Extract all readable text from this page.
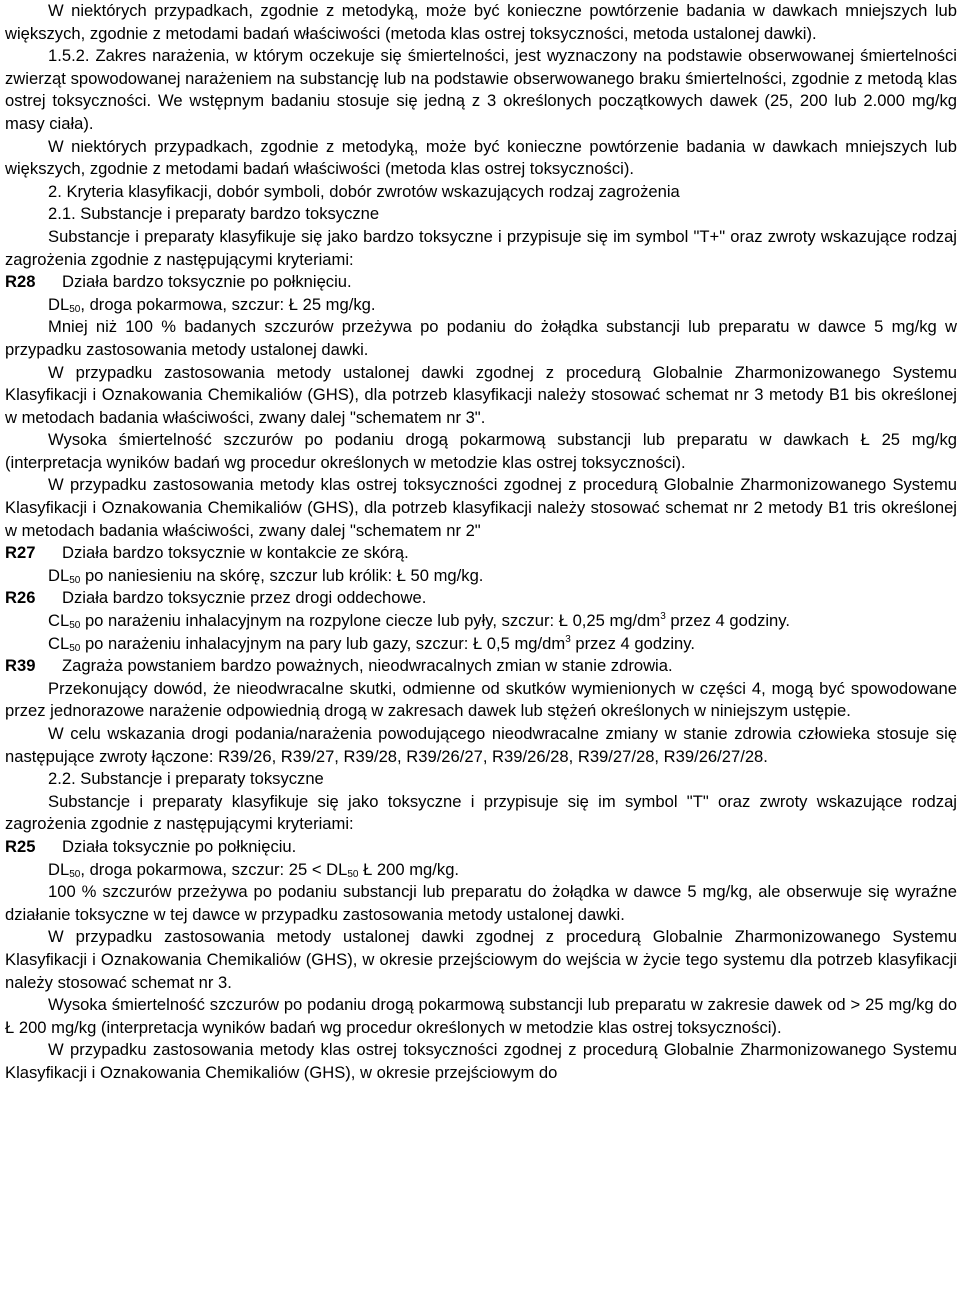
W niektórych przypadkach, zgodnie z metodyką, może być konieczne powtórzenie badania w dawkach mniejszych lub większych, zgodnie z metodami badań właściwości (metoda klas ostrej toksyczności, metoda ustalonej dawki).

1.5.2. Zakres narażenia, w którym oczekuje się śmiertelności, jest wyznaczony na podstawie obserwowanej śmiertelności zwierząt spowodowanej narażeniem na substancję lub na podstawie obserwowanego braku śmiertelności, zgodnie z metodą klas ostrej toksyczności. We wstępnym badaniu stosuje się jedną z 3 określonych początkowych dawek (25, 200 lub 2.000 mg/kg masy ciała).

W niektórych przypadkach, zgodnie z metodyką, może być konieczne powtórzenie badania w dawkach mniejszych lub większych, zgodnie z metodami badań właściwości (metoda klas ostrej toksyczności).

2. Kryteria klasyfikacji, dobór symboli, dobór zwrotów wskazujących rodzaj zagrożenia

2.1. Substancje i preparaty bardzo toksyczne

Substancje i preparaty klasyfikuje się jako bardzo toksyczne i przypisuje się im symbol "T+" oraz zwroty wskazujące rodzaj zagrożenia zgodnie z następującymi kryteriami:

R28 Działa bardzo toksycznie po połknięciu.

$DL_{50}$, droga pokarmowa, szczur: Ł 25 mg/kg.

Mniej niż 100 % badanych szczurów przeżywa po podaniu do żołądka substancji lub preparatu w dawce 5 mg/kg w przypadku zastosowania metody ustalonej dawki.

W przypadku zastosowania metody ustalonej dawki zgodnej z procedurą Globalnie Zharmonizowanego Systemu Klasyfikacji i Oznakowania Chemikaliów (GHS), dla potrzeb klasyfikacji należy stosować schemat nr 3 metody B1 bis określonej w metodach badania właściwości, zwany dalej "schematem nr 3".

Wysoka śmiertelność szczurów po podaniu drogą pokarmową substancji lub preparatu w dawkach Ł 25 mg/kg (interpretacja wyników badań wg procedur określonych w metodzie klas ostrej toksyczności).

W przypadku zastosowania metody klas ostrej toksyczności zgodnej z procedurą Globalnie Zharmonizowanego Systemu Klasyfikacji i Oznakowania Chemikaliów (GHS), dla potrzeb klasyfikacji należy stosować schemat nr 2 metody B1 tris określonej w metodach badania właściwości, zwany dalej "schematem nr 2"

R27 Działa bardzo toksycznie w kontakcie ze skórą.

$DL_{50}$ po naniesieniu na skórę, szczur lub królik: Ł 50 mg/kg.

R26 Działa bardzo toksycznie przez drogi oddechowe.

$CL_{50}$ po narażeniu inhalacyjnym na rozpylone ciecze lub pyły, szczur: Ł 0,25 $mg/dm^3$ przez 4 godziny.

$CL_{50}$ po narażeniu inhalacyjnym na pary lub gazy, szczur: Ł 0,5 $mg/dm^3$ przez 4 godziny.

R39 Zagraża powstaniem bardzo poważnych, nieodwracalnych zmian w stanie zdrowia.

Przekonujący dowód, że nieodwracalne skutki, odmienne od skutków wymienionych w części 4, mogą być spowodowane przez jednorazowe narażenie odpowiednią drogą w zakresach dawek lub stężeń określonych w niniejszym ustępie.

W celu wskazania drogi podania/narażenia powodującego nieodwracalne zmiany w stanie zdrowia człowieka stosuje się następujące zwroty łączone: R39/26, R39/27, R39/28, R39/26/27, R39/26/28, R39/27/28, R39/26/27/28.

2.2. Substancje i preparaty toksyczne

Substancje i preparaty klasyfikuje się jako toksyczne i przypisuje się im symbol "T" oraz zwroty wskazujące rodzaj zagrożenia zgodnie z następującymi kryteriami:

R25 Działa toksycznie po połknięciu.

$DL_{50}$, droga pokarmowa, szczur: $25 < DL_{50}$ Ł 200 mg/kg.

100 % szczurów przeżywa po podaniu substancji lub preparatu do żołądka w dawce 5 mg/kg, ale obserwuje się wyraźne działanie toksyczne w tej dawce w przypadku zastosowania metody ustalonej dawki.

W przypadku zastosowania metody ustalonej dawki zgodnej z procedurą Globalnie Zharmonizowanego Systemu Klasyfikacji i Oznakowania Chemikaliów (GHS), w okresie przejściowym do wejścia w życie tego systemu dla potrzeb klasyfikacji należy stosować schemat nr 3.

Wysoka śmiertelność szczurów po podaniu drogą pokarmową substancji lub preparatu w zakresie dawek od > 25 mg/kg do Ł 200 mg/kg (interpretacja wyników badań wg procedur określonych w metodzie klas ostrej toksyczności).

W przypadku zastosowania metody klas ostrej toksyczności zgodnej z procedurą Globalnie Zharmonizowanego Systemu Klasyfikacji i Oznakowania Chemikaliów (GHS), w okresie przejściowym do
